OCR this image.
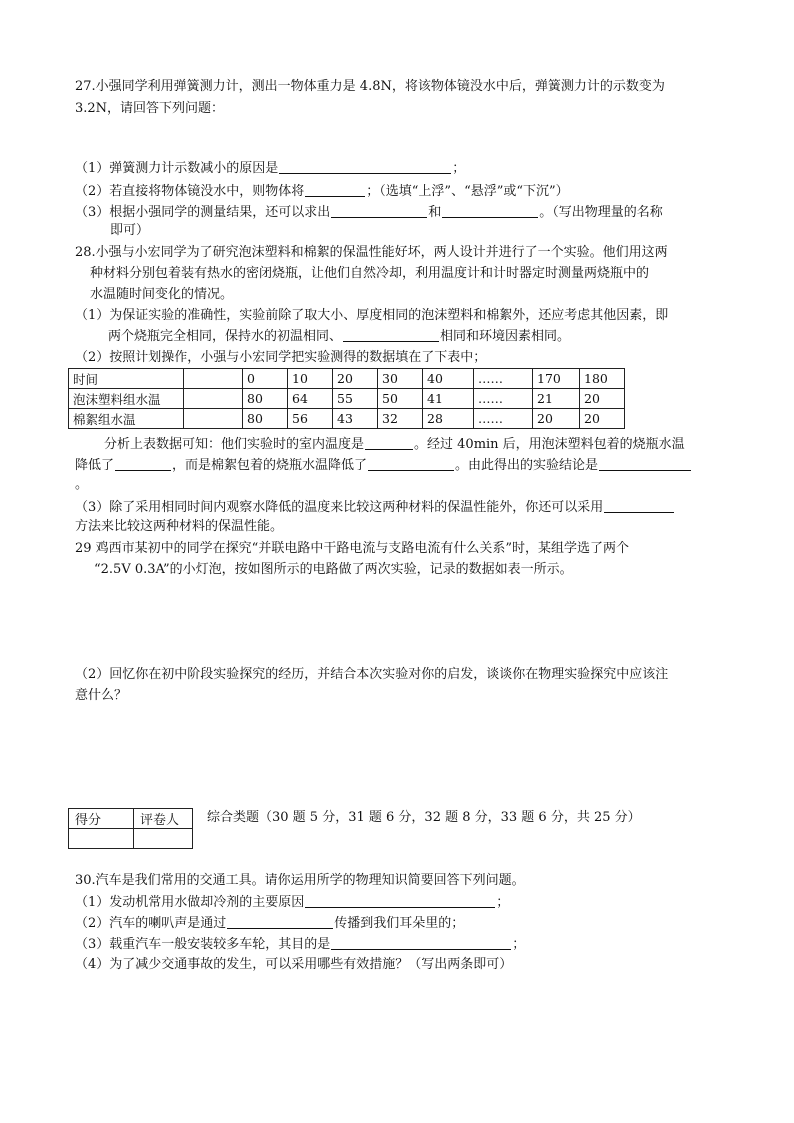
27.小强同学利用弹簧测力计，测出一物体重力是 4.8N，将该物体镜没水中后，弹簧测力计的示数变为
3.2N，请回答下列问题：
（1）弹簧测力计示数减小的原因是	；
（2）若直接将物体镜没水中，则物体将	；（选填“上浮”、“悬浮”或“下沉”）
（3）根据小强同学的测量结果，还可以求出	和	。（写出物理量的名称
即可）
28.小强与小宏同学为了研究泡沫塑料和棉絮的保温性能好坏，两人设计并进行了一个实验。他们用这两
种材料分别包着装有热水的密闭烧瓶，让他们自然冷却，利用温度计和计时器定时测量两烧瓶中的
水温随时间变化的情况。
（1）为保证实验的准确性，实验前除了取大小、厚度相同的泡沫塑料和棉絮外，还应考虑其他因素，即
两个烧瓶完全相同，保持水的初温相同、	相同和环境因素相同。
（2）按照计划操作，小强与小宏同学把实验测得的数据填在了下表中；
时间		0	10	20	30	40	……	170	180
泡沫塑料组水温		80	64	55	50	41	……	21	20
棉絮组水温		80	56	43	32	28	……	20	20
分析上表数据可知：他们实验时的室内温度是	。经过 40min 后，用泡沫塑料包着的烧瓶水温
降低了	，而是棉絮包着的烧瓶水温降低了	。由此得出的实验结论是
。
（3）除了采用相同时间内观察水降低的温度来比较这两种材料的保温性能外，你还可以采用
方法来比较这两种材料的保温性能。
29 鸡西市某初中的同学在探究“并联电路中干路电流与支路电流有什么关系”时，某组学选了两个
“2.5V 0.3A”的小灯泡，按如图所示的电路做了两次实验，记录的数据如表一所示。
（2）回忆你在初中阶段实验探究的经历，并结合本次实验对你的启发，谈谈你在物理实验探究中应该注
意什么？
得分	评卷人
	综合类题（30 题 5 分，31 题 6 分，32 题 8 分，33 题 6 分，共 25 分）
30.汽车是我们常用的交通工具。请你运用所学的物理知识简要回答下列问题。
（1）发动机常用水做却冷剂的主要原因	；
（2）汽车的喇叭声是通过	传播到我们耳朵里的；
（3）载重汽车一般安装较多车轮，其目的是	；
（4）为了减少交通事故的发生，可以采用哪些有效措施？（写出两条即可）
